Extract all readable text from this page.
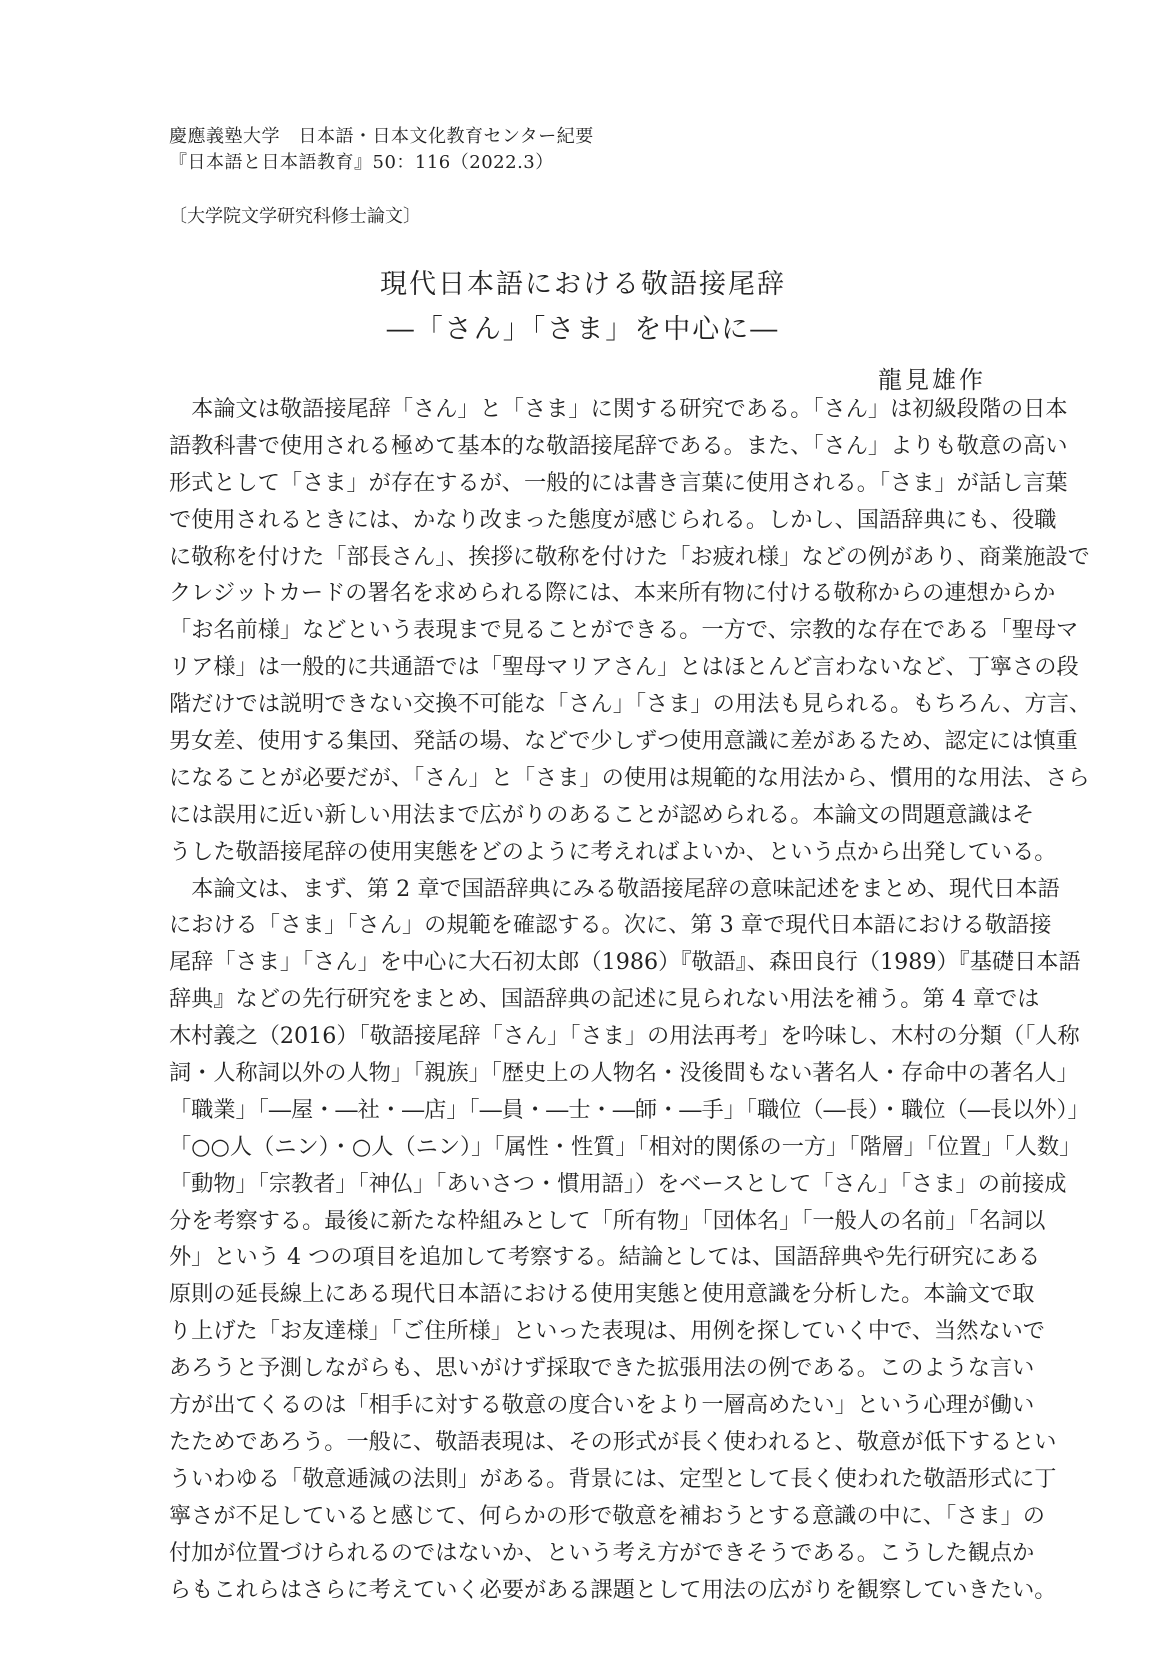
慶應義塾大学　日本語・日本文化教育センター紀要
『日本語と日本語教育』50：116（2022.3）
〔大学院文学研究科修士論文〕
現代日本語における敬語接尾辞
―「さん」「さま」を中心に―
龍見雄作
　本論文は敬語接尾辞「さん」と「さま」に関する研究である。「さん」は初級段階の日本
語教科書で使用される極めて基本的な敬語接尾辞である。また、「さん」よりも敬意の高い
形式として「さま」が存在するが、一般的には書き言葉に使用される。「さま」が話し言葉
で使用されるときには、かなり改まった態度が感じられる。しかし、国語辞典にも、役職
に敬称を付けた「部長さん」、挨拶に敬称を付けた「お疲れ様」などの例があり、商業施設で
クレジットカードの署名を求められる際には、本来所有物に付ける敬称からの連想からか
「お名前様」などという表現まで見ることができる。一方で、宗教的な存在である「聖母マ
リア様」は一般的に共通語では「聖母マリアさん」とはほとんど言わないなど、丁寧さの段
階だけでは説明できない交換不可能な「さん」「さま」の用法も見られる。もちろん、方言、
男女差、使用する集団、発話の場、などで少しずつ使用意識に差があるため、認定には慎重
になることが必要だが、「さん」と「さま」の使用は規範的な用法から、慣用的な用法、さら
には誤用に近い新しい用法まで広がりのあることが認められる。本論文の問題意識はそ
うした敬語接尾辞の使用実態をどのように考えればよいか、という点から出発している。
　本論文は、まず、第 2 章で国語辞典にみる敬語接尾辞の意味記述をまとめ、現代日本語
における「さま」「さん」の規範を確認する。次に、第 3 章で現代日本語における敬語接
尾辞「さま」「さん」を中心に大石初太郎（1986）『敬語』、森田良行（1989）『基礎日本語
辞典』などの先行研究をまとめ、国語辞典の記述に見られない用法を補う。第 4 章では
木村義之（2016）「敬語接尾辞「さん」「さま」の用法再考」を吟味し、木村の分類（「人称
詞・人称詞以外の人物」「親族」「歴史上の人物名・没後間もない著名人・存命中の著名人」
「職業」「―屋・―社・―店」「―員・―士・―師・―手」「職位（―長）・職位（―長以外）」
「○○人（ニン）・○人（ニン）」「属性・性質」「相対的関係の一方」「階層」「位置」「人数」
「動物」「宗教者」「神仏」「あいさつ・慣用語」）をベースとして「さん」「さま」の前接成
分を考察する。最後に新たな枠組みとして「所有物」「団体名」「一般人の名前」「名詞以
外」という 4 つの項目を追加して考察する。結論としては、国語辞典や先行研究にある
原則の延長線上にある現代日本語における使用実態と使用意識を分析した。本論文で取
り上げた「お友達様」「ご住所様」といった表現は、用例を探していく中で、当然ないで
あろうと予測しながらも、思いがけず採取できた拡張用法の例である。このような言い
方が出てくるのは「相手に対する敬意の度合いをより一層高めたい」という心理が働い
たためであろう。一般に、敬語表現は、その形式が長く使われると、敬意が低下するとい
ういわゆる「敬意逓減の法則」がある。背景には、定型として長く使われた敬語形式に丁
寧さが不足していると感じて、何らかの形で敬意を補おうとする意識の中に、「さま」の
付加が位置づけられるのではないか、という考え方ができそうである。こうした観点か
らもこれらはさらに考えていく必要がある課題として用法の広がりを観察していきたい。
